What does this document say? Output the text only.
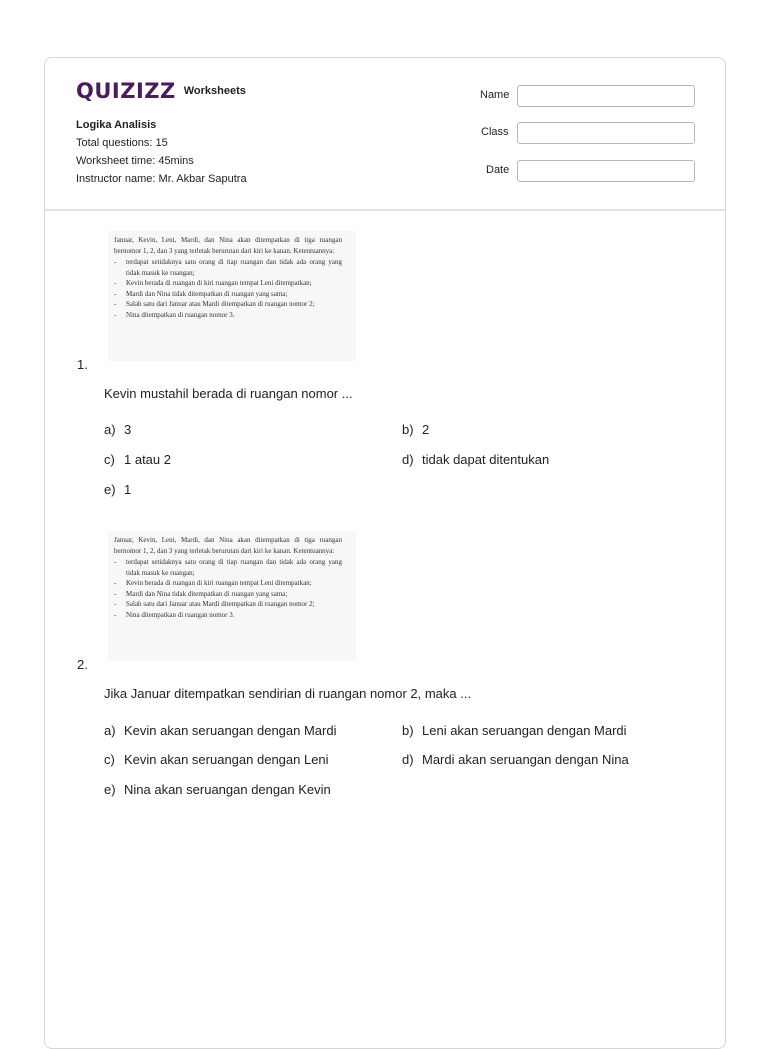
QUIZIZZ Worksheets
Logika Analisis
Total questions: 15
Worksheet time: 45mins
Instructor name: Mr. Akbar Saputra
Name
Class
Date
Januar, Kevin, Leni, Mardi, dan Nina akan ditempatkan di tiga ruangan bernomor 1, 2, dan 3 yang terletak berurutan dari kiri ke kanan. Ketentuannya:
- terdapat setidaknya satu orang di tiap ruangan dan tidak ada orang yang tidak masuk ke ruangan;
- Kevin berada di ruangan di kiri ruangan tempat Leni ditempatkan;
- Mardi dan Nina tidak ditempatkan di ruangan yang sama;
- Salah satu dari Januar atau Mardi ditempatkan di ruangan nomor 2;
- Nina ditempatkan di ruangan nomor 3.
1.
Kevin mustahil berada di ruangan nomor ...
a) 3	b) 2
c) 1 atau 2	d) tidak dapat ditentukan
e) 1
Januar, Kevin, Leni, Mardi, dan Nina akan ditempatkan di tiga ruangan bernomor 1, 2, dan 3 yang terletak berurutan dari kiri ke kanan. Ketentuannya:
- terdapat setidaknya satu orang di tiap ruangan dan tidak ada orang yang tidak masuk ke ruangan;
- Kevin berada di ruangan di kiri ruangan tempat Leni ditempatkan;
- Mardi dan Nina tidak ditempatkan di ruangan yang sama;
- Salah satu dari Januar atau Mardi ditempatkan di ruangan nomor 2;
- Nina ditempatkan di ruangan nomor 3.
2.
Jika Januar ditempatkan sendirian di ruangan nomor 2, maka ...
a) Kevin akan seruangan dengan Mardi	b) Leni akan seruangan dengan Mardi
c) Kevin akan seruangan dengan Leni	d) Mardi akan seruangan dengan Nina
e) Nina akan seruangan dengan Kevin
